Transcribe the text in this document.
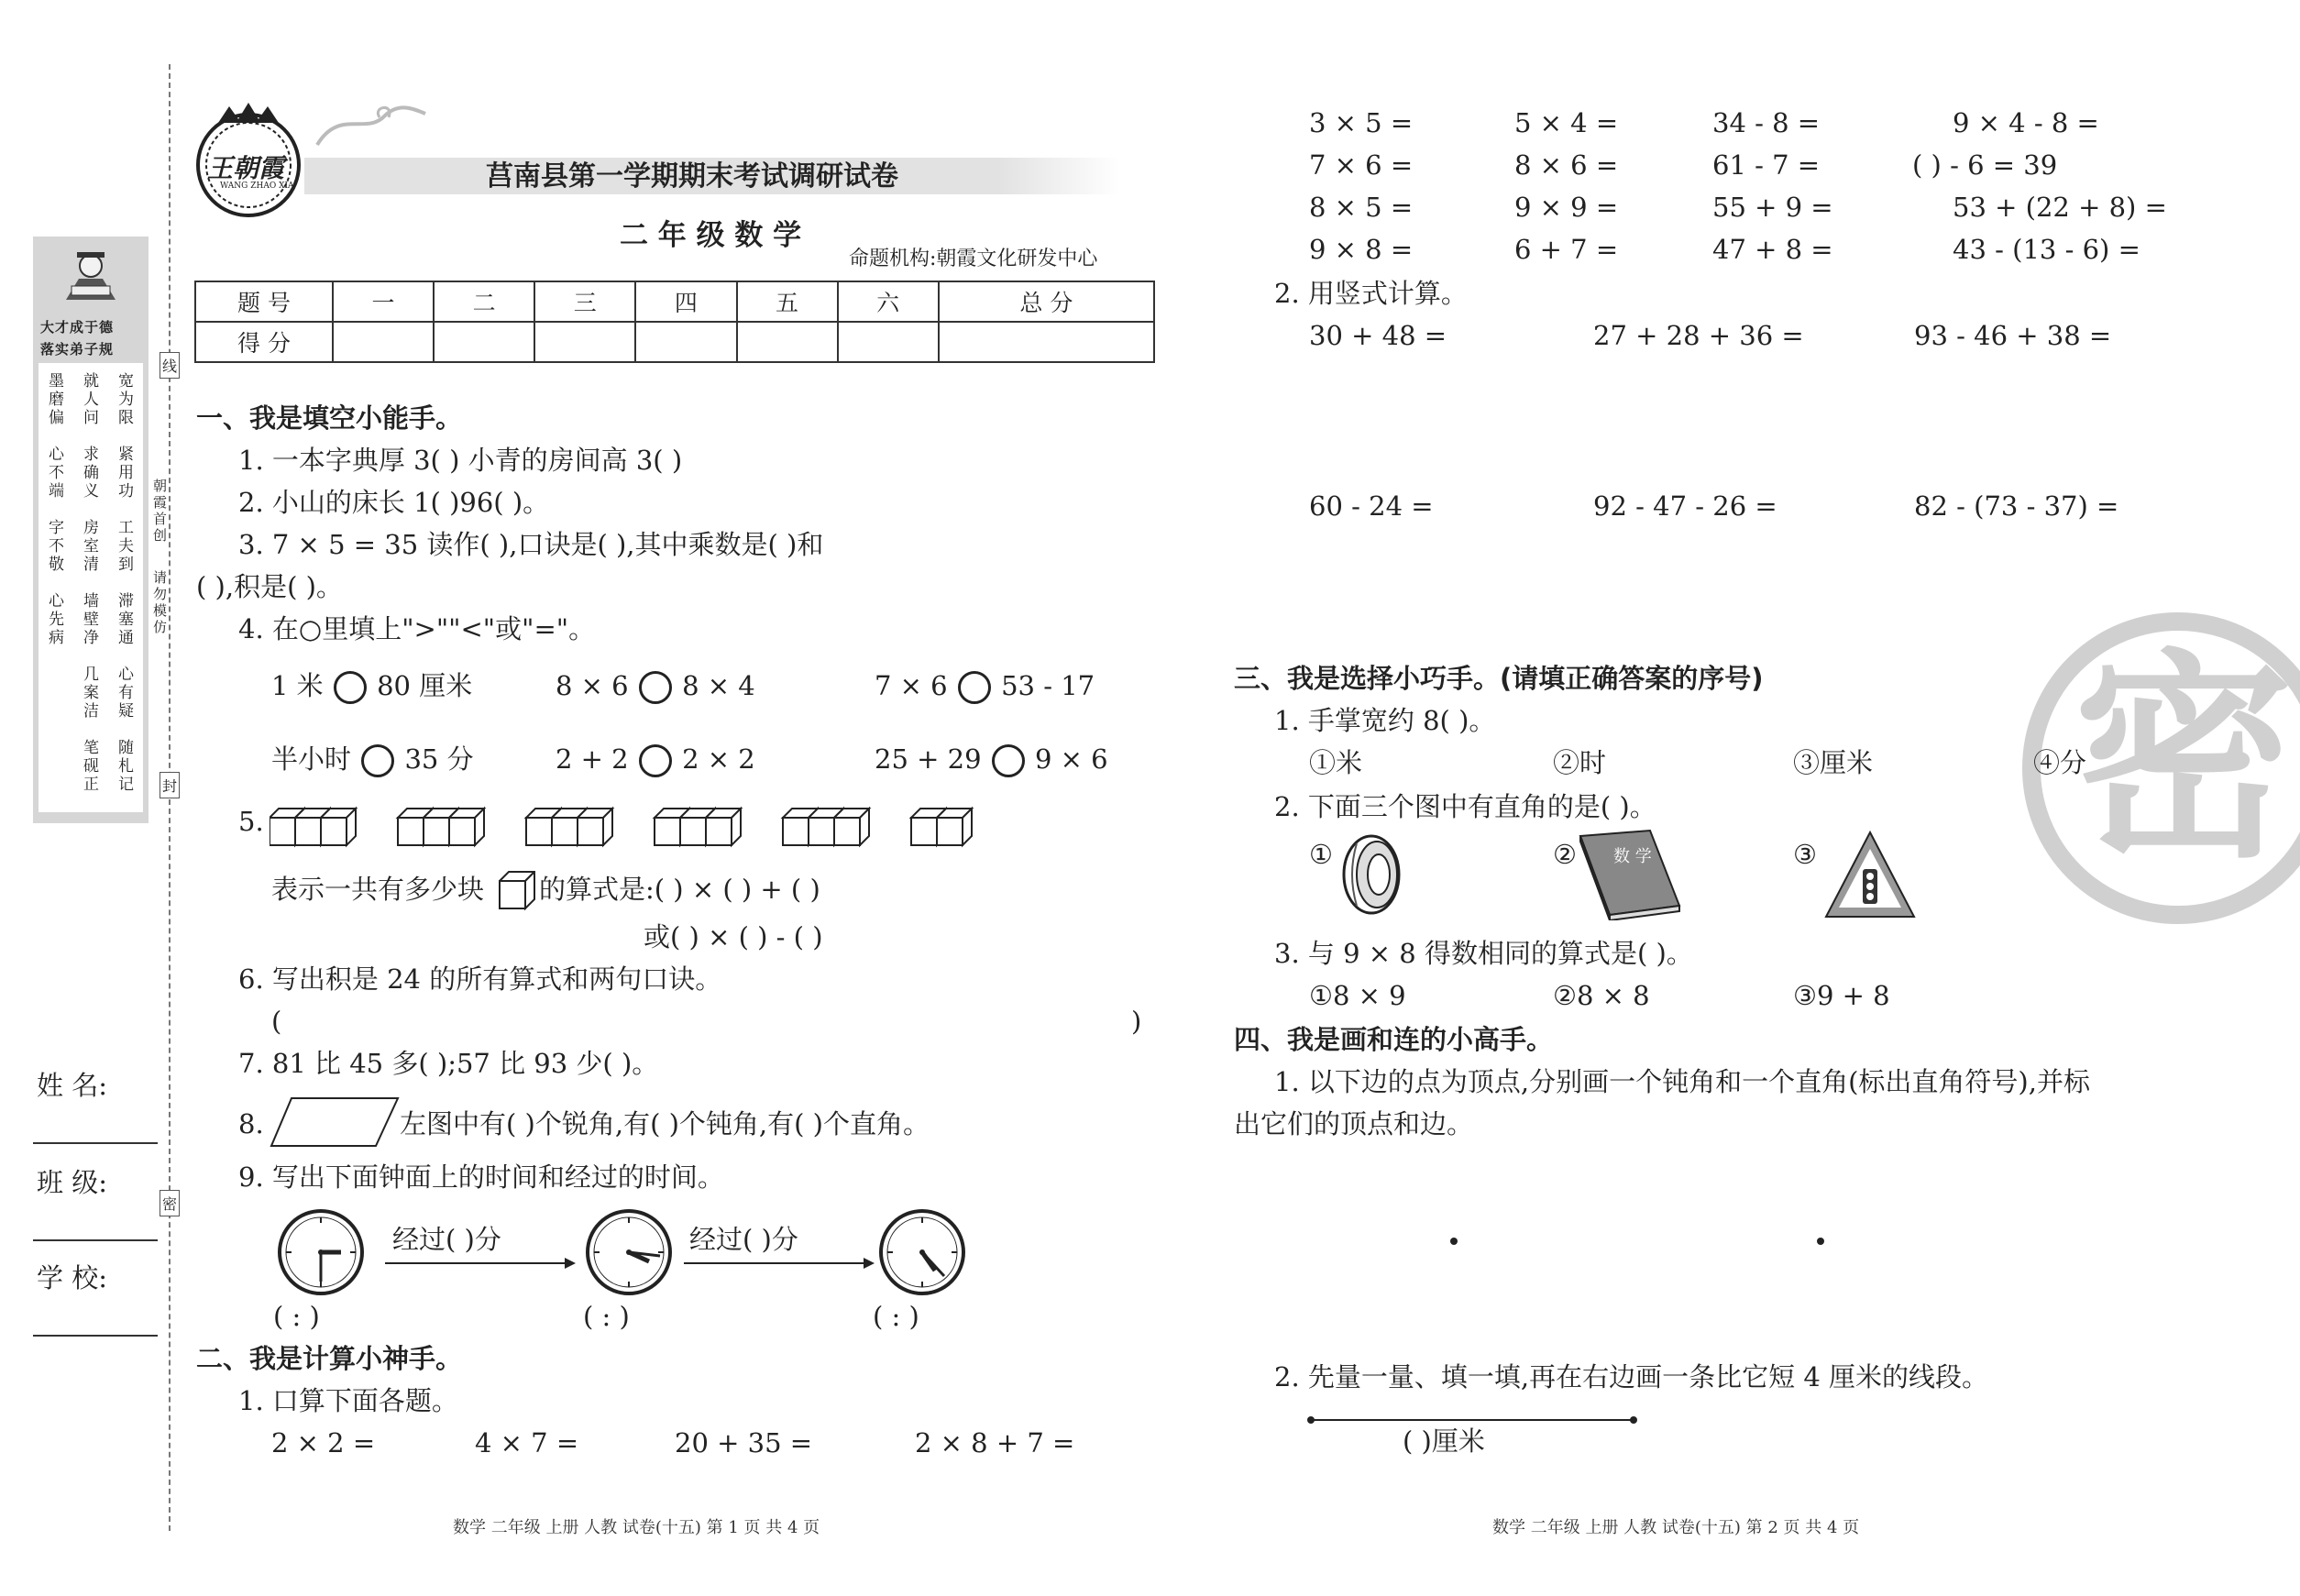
大才成于德
落实弟子规
宽为限
紧用功
工夫到
滞塞通
心有疑
随札记
就人问
求确义
房室清
墙壁净
几案洁
笔砚正
墨磨偏
心不端
字不敬
心先病
朝霞首创
请勿模仿
线
封
密
姓 名:
班 级:
学 校:
王朝霞
WANG ZHAO XIA	莒南县第一学期期末考试调研试卷
二 年 级 数 学
命题机构:朝霞文化研发中心
题 号	一	二	三	四	五	六	总 分
得 分							
一、我是填空小能手。
1. 一本字典厚 3( ) 小青的房间高 3( )
2. 小山的床长 1( )96( )。
3. 7 × 5 = 35 读作( ),口诀是( ),其中乘数是( )和
( ),积是( )。
4. 在○里填上">""<"或"="。
1 米 80 厘米	8 × 6 8 × 4	7 × 6 53 - 17
半小时 35 分	2 + 2 2 × 2	25 + 29 9 × 6
5.
表示一共有多少块 的算式是:( ) × ( ) + ( )
或( ) × ( ) - ( )
6. 写出积是 24 的所有算式和两句口诀。
(	)
7. 81 比 45 多( );57 比 93 少( )。
8.	左图中有( )个锐角,有( )个钝角,有( )个直角。
9. 写出下面钟面上的时间和经过的时间。
经过( )分	经过( )分
( : )	( : )	( : )
二、我是计算小神手。
1. 口算下面各题。
2 × 2 =	4 × 7 =	20 + 35 =	2 × 8 + 7 =
数学 二年级 上册 人教 试卷(十五) 第 1 页 共 4 页
3 × 5 =	5 × 4 =	34 - 8 =	9 × 4 - 8 =
7 × 6 =	8 × 6 =	61 - 7 =	( ) - 6 = 39
8 × 5 =	9 × 9 =	55 + 9 =	53 + (22 + 8) =
9 × 8 =	6 + 7 =	47 + 8 =	43 - (13 - 6) =
2. 用竖式计算。
30 + 48 =	27 + 28 + 36 =	93 - 46 + 38 =
60 - 24 =	92 - 47 - 26 =	82 - (73 - 37) =
密
三、我是选择小巧手。(请填正确答案的序号)
1. 手掌宽约 8( )。
①米	②时	③厘米	④分
2. 下面三个图中有直角的是( )。
①	② 数 学	③
3. 与 9 × 8 得数相同的算式是( )。
①8 × 9	②8 × 8	③9 + 8
四、我是画和连的小高手。
1. 以下边的点为顶点,分别画一个钝角和一个直角(标出直角符号),并标
出它们的顶点和边。
2. 先量一量、填一填,再在右边画一条比它短 4 厘米的线段。
( )厘米
数学 二年级 上册 人教 试卷(十五) 第 2 页 共 4 页
